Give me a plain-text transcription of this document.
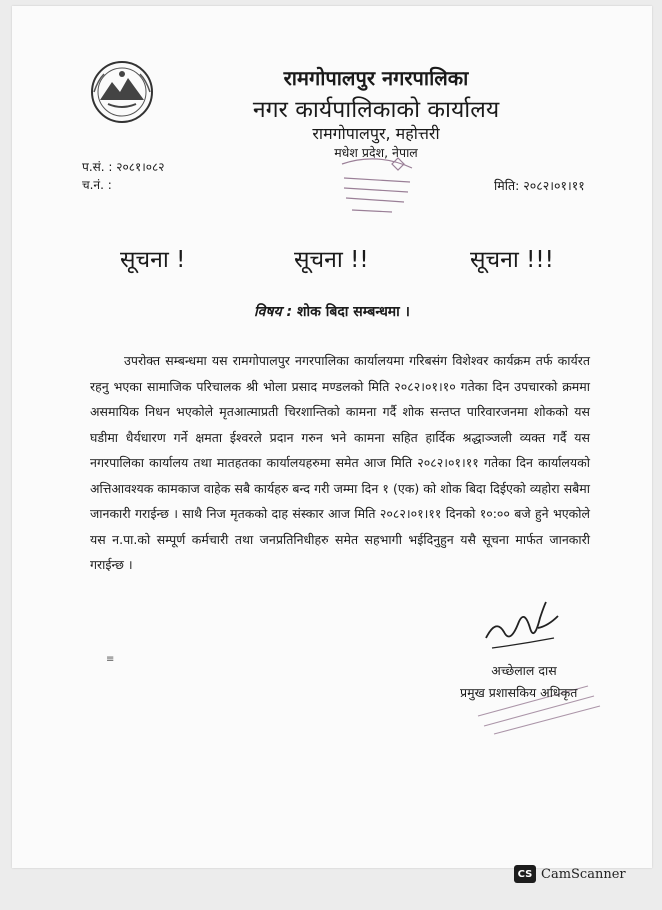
रामगोपालपुर नगरपालिका
नगर कार्यपालिकाको कार्यालय
रामगोपालपुर, महोत्तरी
मधेश प्रदेश, नेपाल
प.सं. : २०८१।०८२
च.नं. :	मिति: २०८२।०१।११
सूचना !	सूचना !!	सूचना !!!
विषय : शोक बिदा सम्बन्धमा ।
उपरोक्त सम्बन्धमा यस रामगोपालपुर नगरपालिका कार्यालयमा गरिबसंग विशेश्वर कार्यक्रम तर्फ कार्यरत रहनु भएका सामाजिक परिचालक श्री भोला प्रसाद मण्डलको मिति २०८२।०१।१० गतेका दिन उपचारको क्रममा असमायिक निधन भएकोले मृतआत्माप्रती चिरशान्तिको कामना गर्दै शोक सन्तप्त पारिवारजनमा शोकको यस घडीमा धैर्यधारण गर्ने क्षमता ईश्वरले प्रदान गरुन भने कामना सहित हार्दिक श्रद्धाञ्जली व्यक्त गर्दै यस नगरपालिका कार्यालय तथा मातहतका कार्यालयहरुमा समेत आज मिति २०८२।०१।११ गतेका दिन कार्यालयको अत्तिआवश्यक कामकाज वाहेक सबै कार्यहरु बन्द गरी जम्मा दिन १ (एक) को शोक बिदा दिईएको व्यहोरा सबैमा जानकारी गराईन्छ । साथै निज मृतकको दाह संस्कार आज मिति २०८२।०१।११ दिनको १०:०० बजे हुने भएकोले यस न.पा.को सम्पूर्ण कर्मचारी तथा जनप्रतिनिधीहरु समेत सहभागी भईदिनुहुन यसै सूचना मार्फत जानकारी गराईन्छ ।
अच्छेलाल दास
प्रमुख प्रशासकिय अधिकृत
≡
CS CamScanner
